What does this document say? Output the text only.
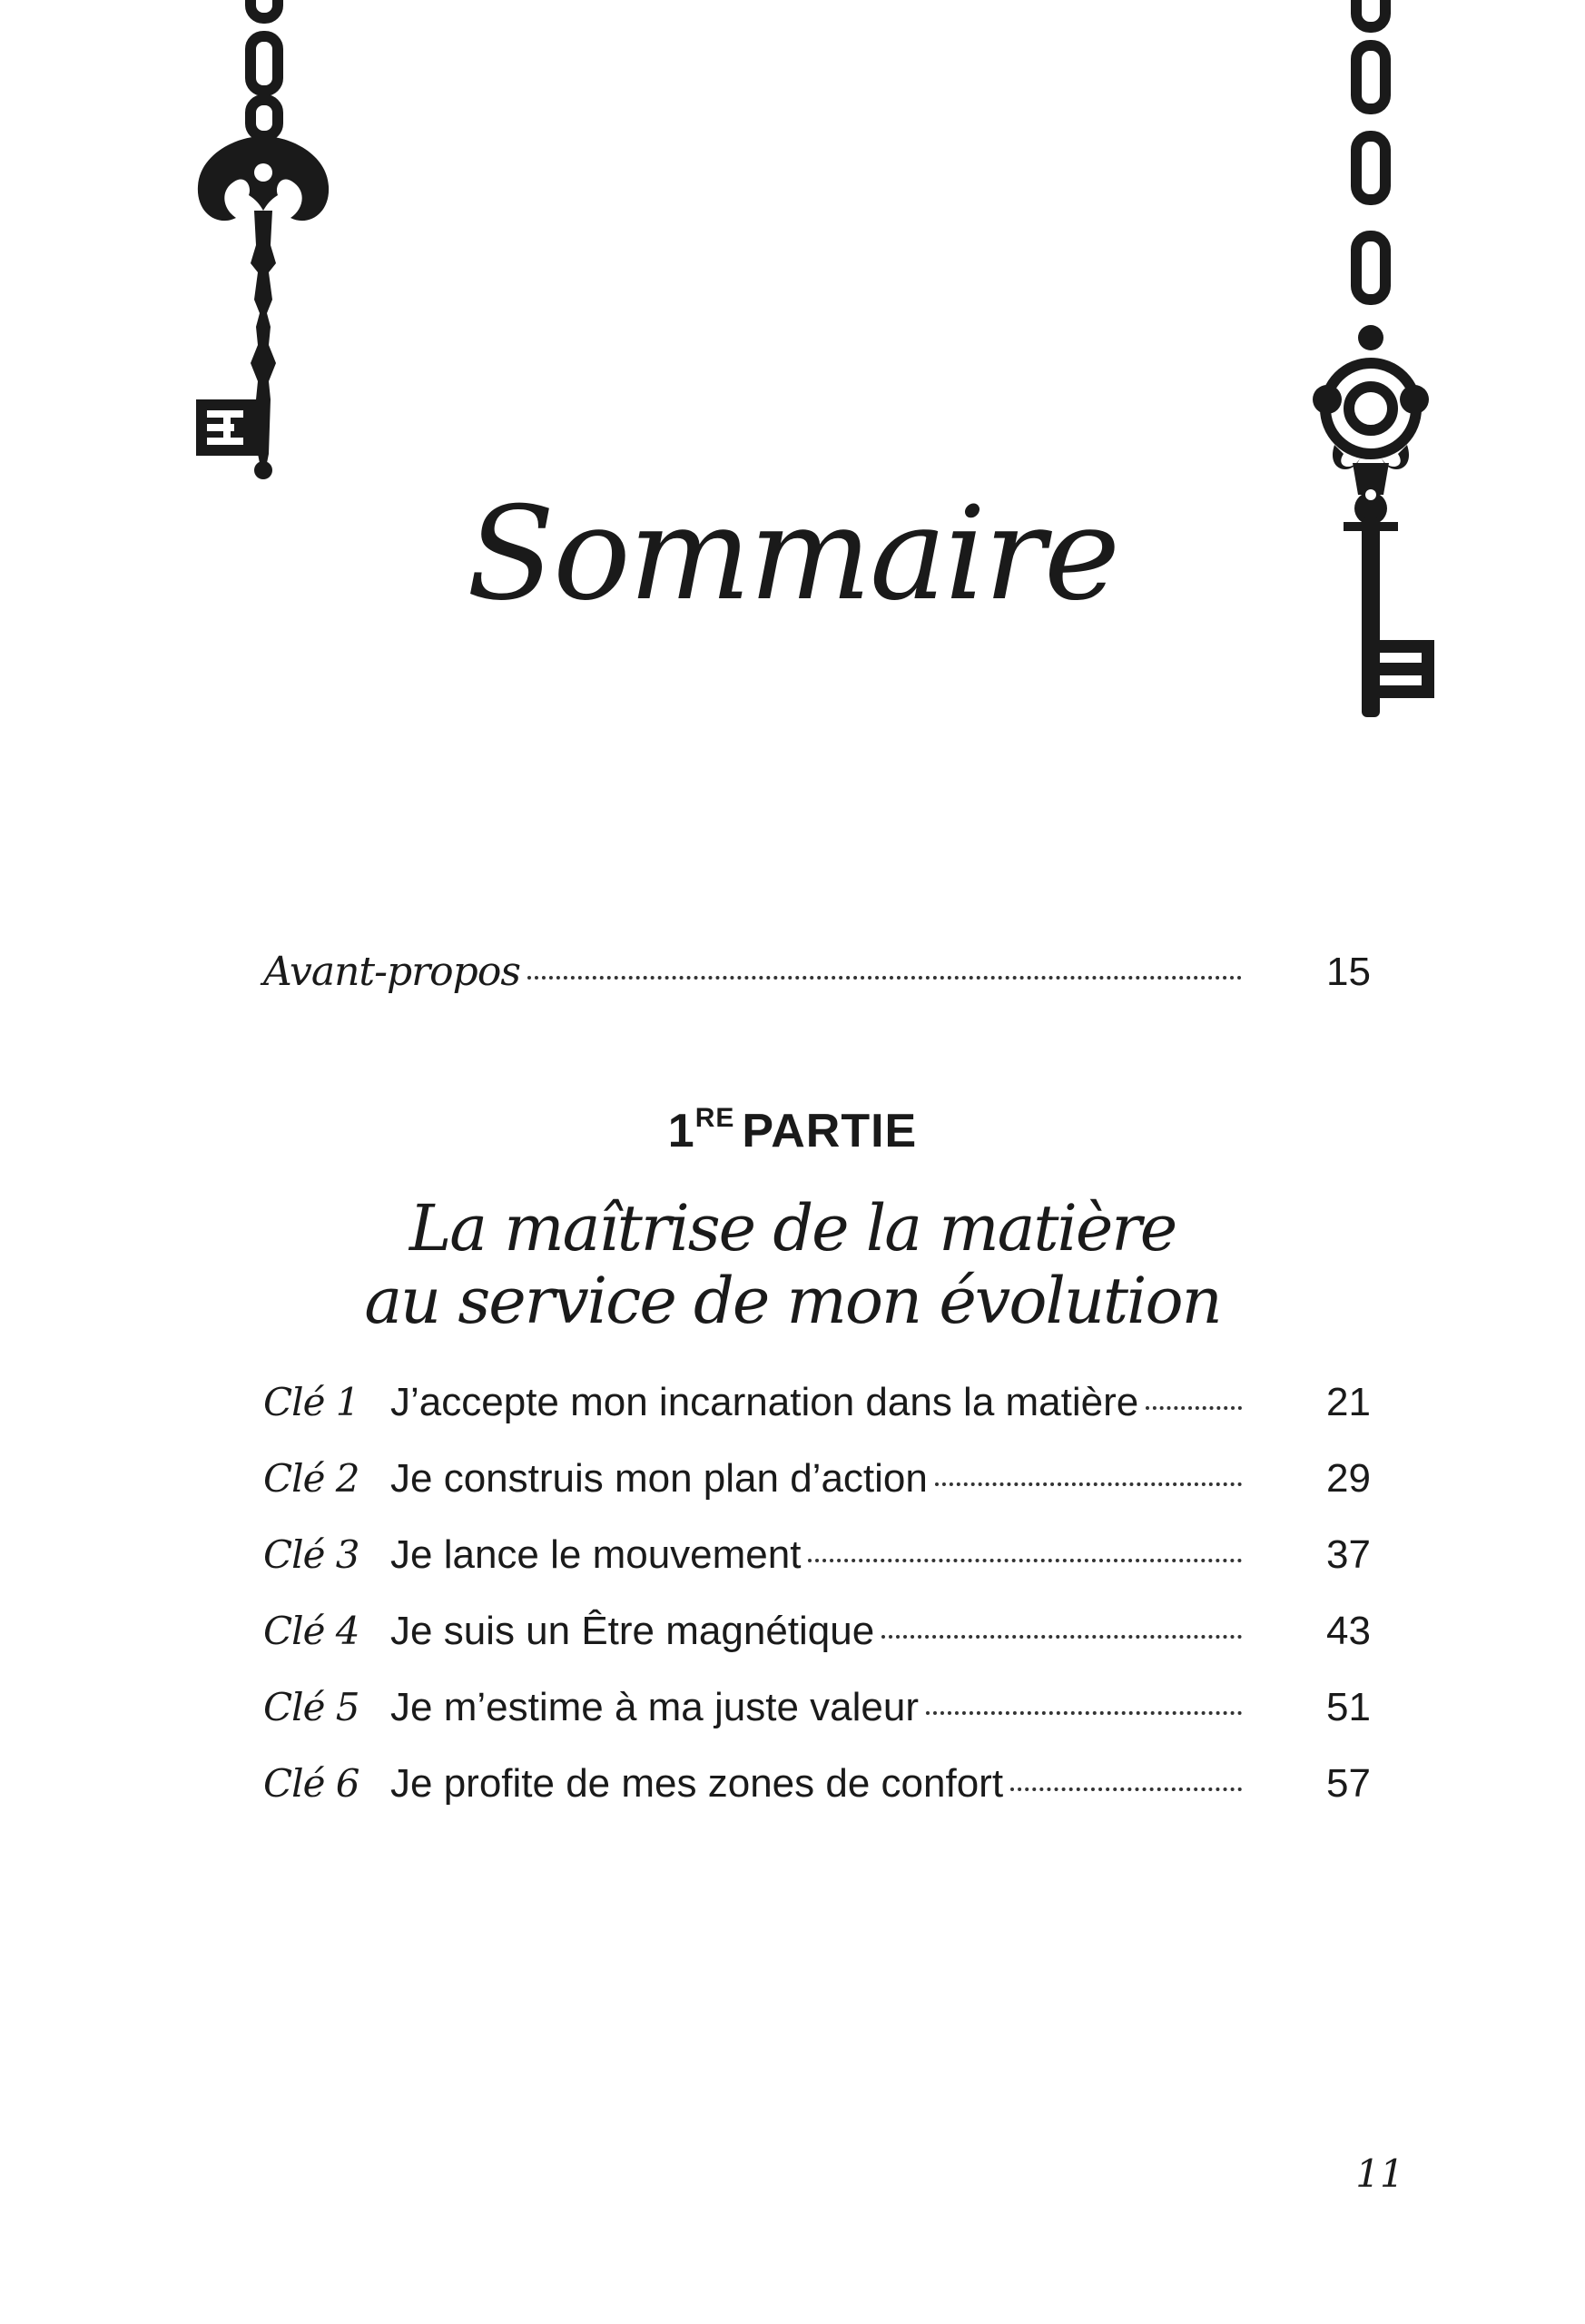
Sommaire
Avant-propos	15
1RE PARTIE
La maîtrise de la matière
au service de mon évolution
Clé 1 J’accepte mon incarnation dans la matière	21
Clé 2 Je construis mon plan d’action	29
Clé 3 Je lance le mouvement	37
Clé 4 Je suis un Être magnétique	43
Clé 5 Je m’estime à ma juste valeur	51
Clé 6 Je profite de mes zones de confort	57
11
